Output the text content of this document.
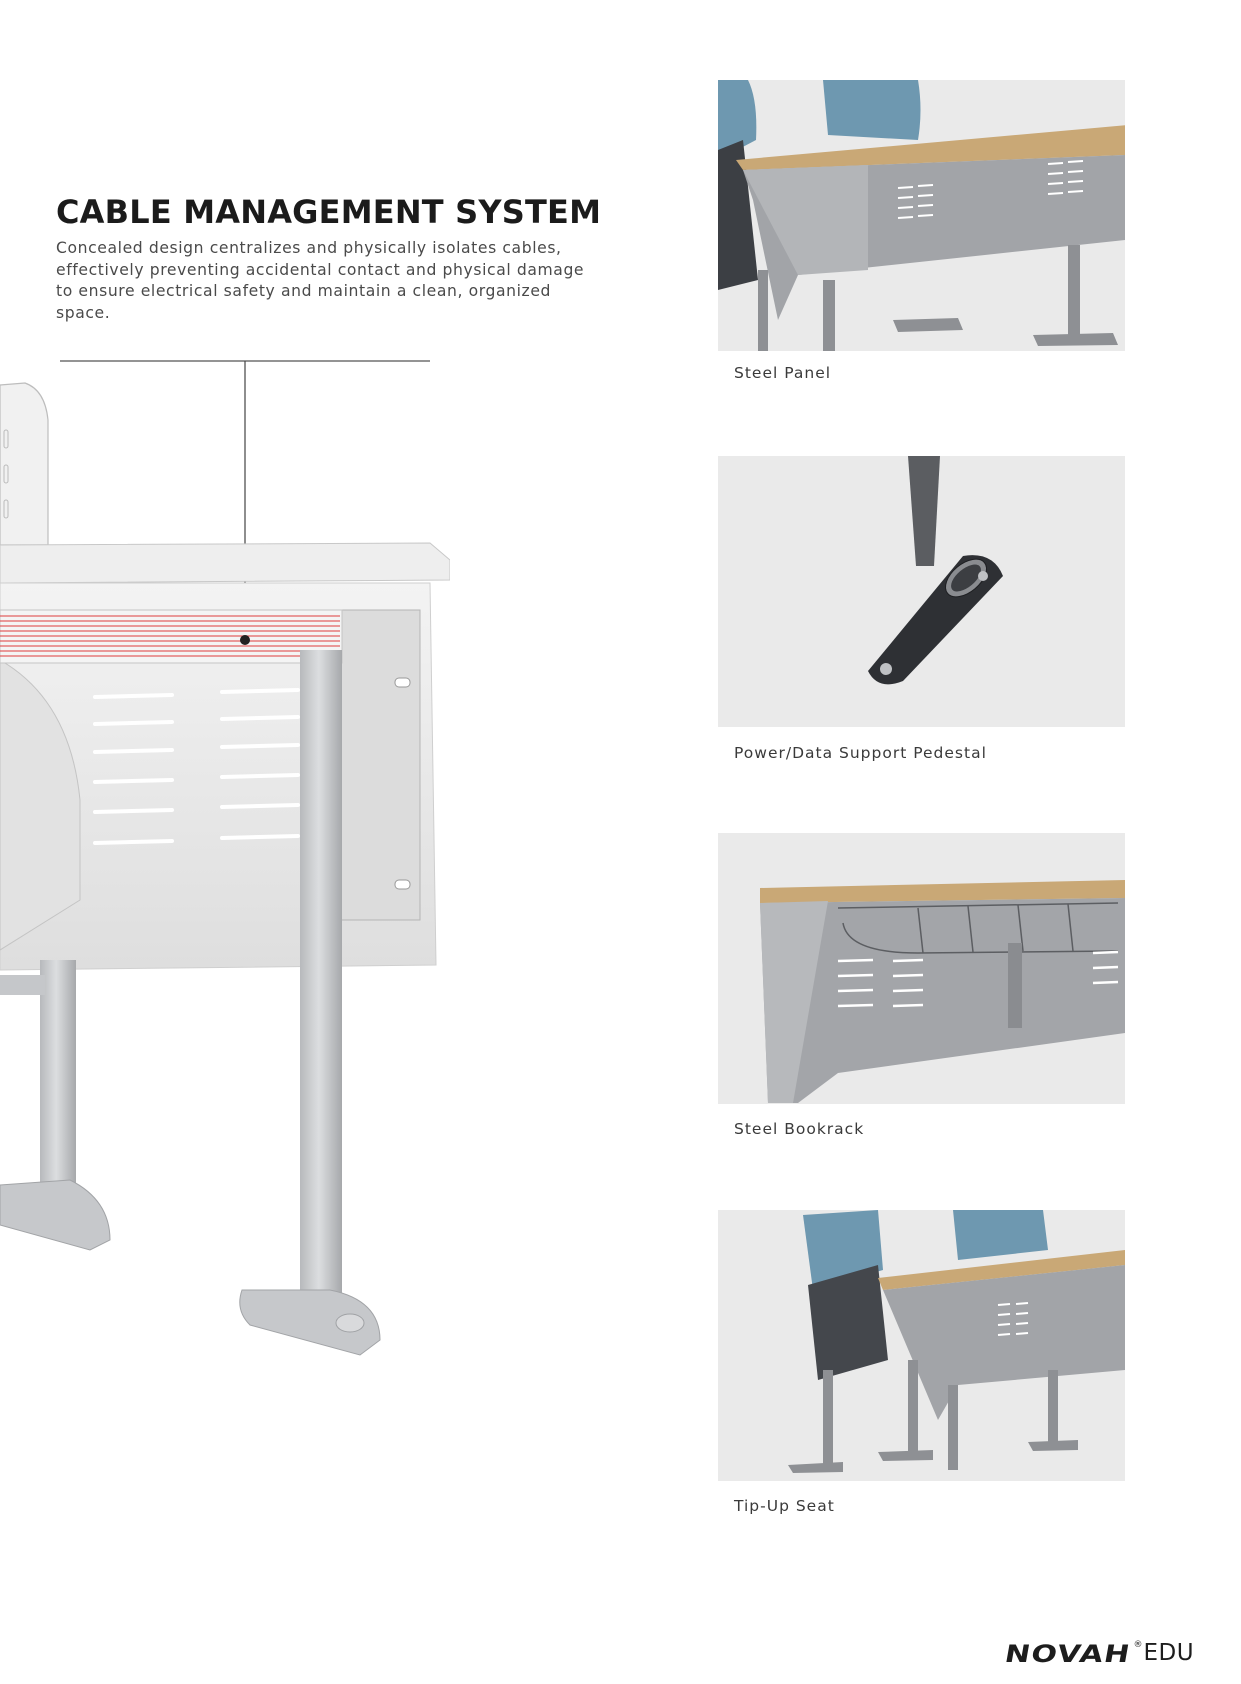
CABLE MANAGEMENT SYSTEM
Concealed design centralizes and physically isolates cables, effectively preventing accidental contact and physical damage to ensure electrical safety and maintain a clean, organized space.
Steel Panel
Power/Data Support Pedestal
Steel Bookrack
Tip-Up Seat
NOVAH ® EDU
